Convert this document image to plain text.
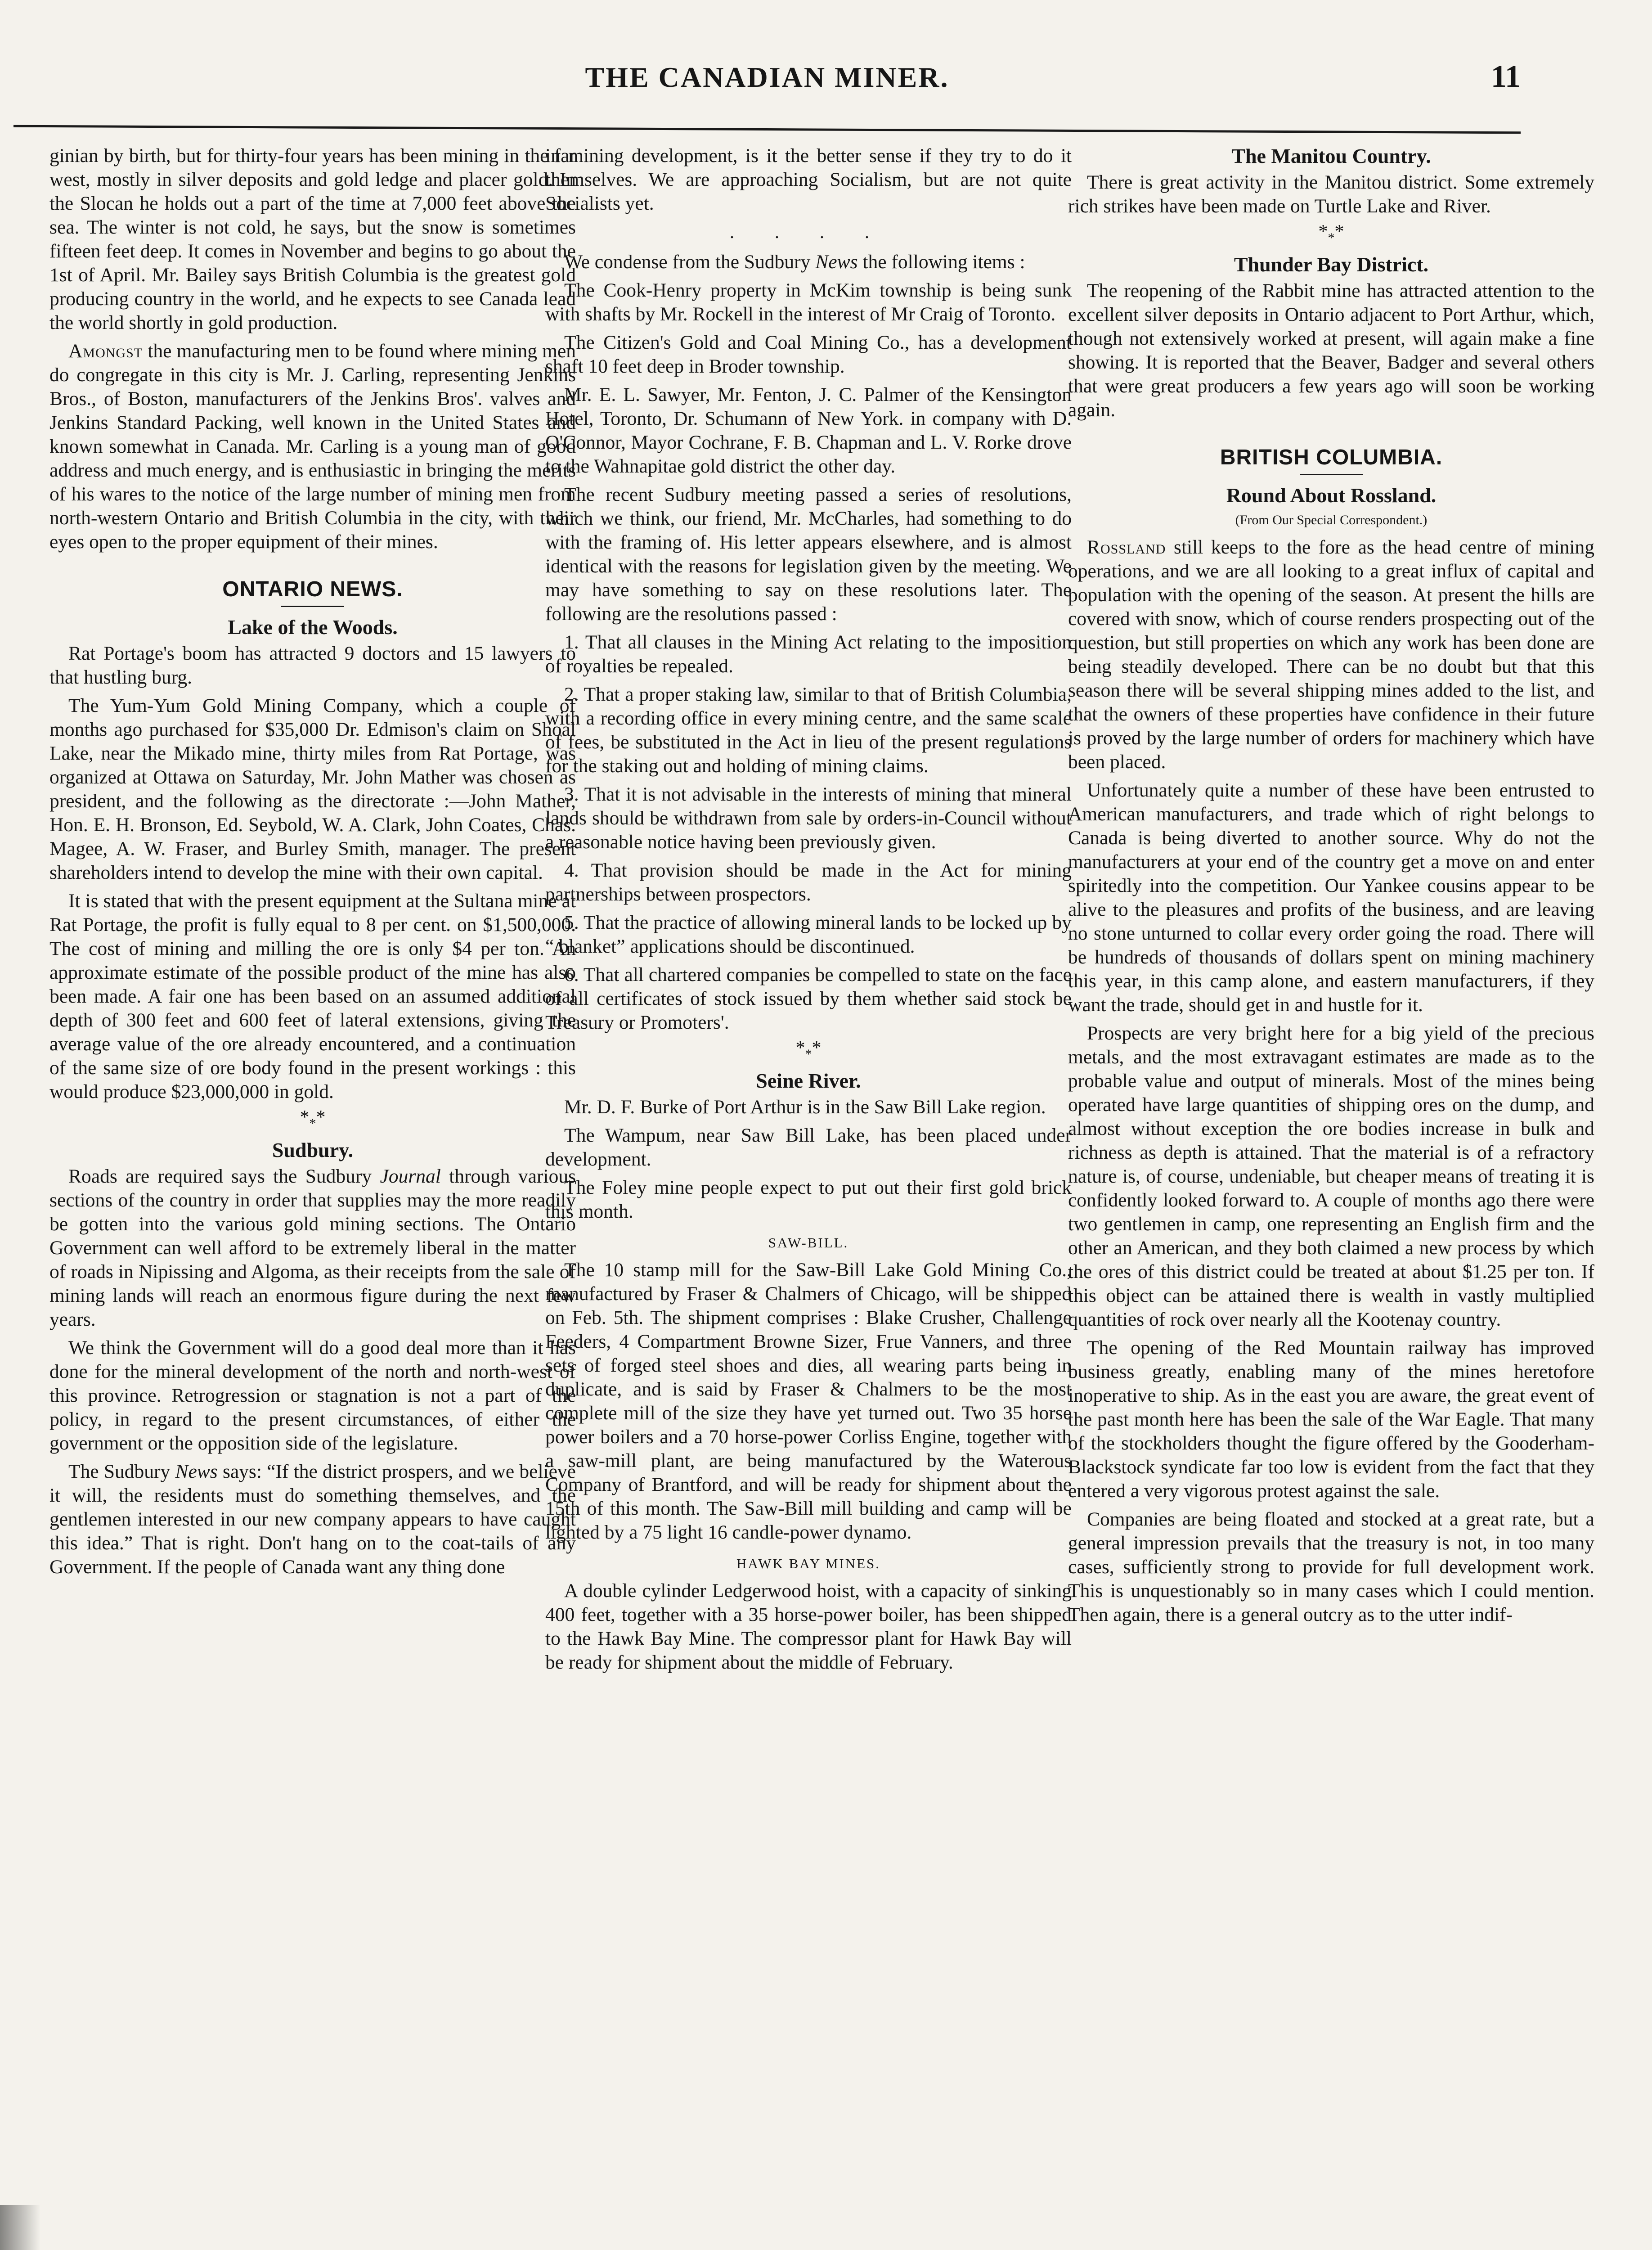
THE CANADIAN MINER.	11

ginian by birth, but for thirty-four years has been mining in the far west, mostly in silver deposits and gold ledge and placer gold. In the Slocan he holds out a part of the time at 7,000 feet above the sea. The winter is not cold, he says, but the snow is sometimes fifteen feet deep. It comes in November and begins to go about the 1st of April. Mr. Bailey says British Columbia is the greatest gold producing country in the world, and he expects to see Canada lead the world shortly in gold production.

Amongst the manufacturing men to be found where mining men do congregate in this city is Mr. J. Carling, representing Jenkins Bros., of Boston, manufacturers of the Jenkins Bros'. valves and Jenkins Standard Packing, well known in the United States and known somewhat in Canada. Mr. Carling is a young man of good address and much energy, and is enthusiastic in bringing the merits of his wares to the notice of the large number of mining men from north-western Ontario and British Columbia in the city, with their eyes open to the proper equipment of their mines.

ONTARIO NEWS.
Lake of the Woods.

Rat Portage's boom has attracted 9 doctors and 15 lawyers to that hustling burg.

The Yum-Yum Gold Mining Company, which a couple of months ago purchased for $35,000 Dr. Edmison's claim on Shoal Lake, near the Mikado mine, thirty miles from Rat Portage, was organized at Ottawa on Saturday, Mr. John Mather was chosen as president, and the following as the directorate :—John Mather, Hon. E. H. Bronson, Ed. Seybold, W. A. Clark, John Coates, Chas. Magee, A. W. Fraser, and Burley Smith, manager. The present shareholders intend to develop the mine with their own capital.

It is stated that with the present equipment at the Sultana mine at Rat Portage, the profit is fully equal to 8 per cent. on $1,500,000. The cost of mining and milling the ore is only $4 per ton. An approximate estimate of the possible product of the mine has also been made. A fair one has been based on an assumed additional depth of 300 feet and 600 feet of lateral extensions, giving the average value of the ore already encountered, and a continuation of the same size of ore body found in the present workings : this would produce $23,000,000 in gold.

$*_**$
Sudbury.

Roads are required says the Sudbury Journal through various sections of the country in order that supplies may the more readily be gotten into the various gold mining sections. The Ontario Government can well afford to be extremely liberal in the matter of roads in Nipissing and Algoma, as their receipts from the sale of mining lands will reach an enormous figure during the next few years.

We think the Government will do a good deal more than it has done for the mineral development of the north and north-west of this province. Retrogression or stagnation is not a part of the policy, in regard to the present circumstances, of either the government or the opposition side of the legislature.

The Sudbury News says: “If the district prospers, and we believe it will, the residents must do something themselves, and the gentlemen interested in our new company appears to have caught this idea.” That is right. Don't hang on to the coat-tails of any Government. If the people of Canada want any thing done

in mining development, is it the better sense if they try to do it themselves. We are approaching Socialism, but are not quite Socialists yet.

. . . .

We condense from the Sudbury News the following items :

The Cook-Henry property in McKim township is being sunk with shafts by Mr. Rockell in the interest of Mr Craig of Toronto.

The Citizen's Gold and Coal Mining Co., has a development shaft 10 feet deep in Broder township.

Mr. E. L. Sawyer, Mr. Fenton, J. C. Palmer of the Kensington Hotel, Toronto, Dr. Schumann of New York. in company with D. O'Connor, Mayor Cochrane, F. B. Chapman and L. V. Rorke drove to the Wahnapitae gold district the other day.

The recent Sudbury meeting passed a series of resolutions, which we think, our friend, Mr. McCharles, had something to do with the framing of. His letter appears elsewhere, and is almost identical with the reasons for legislation given by the meeting. We may have something to say on these resolutions later. The following are the resolutions passed :

1. That all clauses in the Mining Act relating to the imposition of royalties be repealed.

2. That a proper staking law, similar to that of British Columbia, with a recording office in every mining centre, and the same scale of fees, be substituted in the Act in lieu of the present regulations for the staking out and holding of mining claims.

3. That it is not advisable in the interests of mining that mineral lands should be withdrawn from sale by orders-in-Council without a reasonable notice having been previously given.

4. That provision should be made in the Act for mining partnerships between prospectors.

5. That the practice of allowing mineral lands to be locked up by “ blanket” applications should be discontinued.

6. That all chartered companies be compelled to state on the face of all certificates of stock issued by them whether said stock be Treasury or Promoters'.

$*_**$
Seine River.

Mr. D. F. Burke of Port Arthur is in the Saw Bill Lake region.

The Wampum, near Saw Bill Lake, has been placed under development.

The Foley mine people expect to put out their first gold brick this month.

SAW-BILL.

The 10 stamp mill for the Saw-Bill Lake Gold Mining Co., manufactured by Fraser & Chalmers of Chicago, will be shipped on Feb. 5th. The shipment comprises : Blake Crusher, Challenge Feeders, 4 Compartment Browne Sizer, Frue Vanners, and three sets of forged steel shoes and dies, all wearing parts being in duplicate, and is said by Fraser & Chalmers to be the most complete mill of the size they have yet turned out. Two 35 horse power boilers and a 70 horse-power Corliss Engine, together with a saw-mill plant, are being manufactured by the Waterous Company of Brantford, and will be ready for shipment about the 15th of this month. The Saw-Bill mill building and camp will be lighted by a 75 light 16 candle-power dynamo.

HAWK BAY MINES.

A double cylinder Ledgerwood hoist, with a capacity of sinking 400 feet, together with a 35 horse-power boiler, has been shipped to the Hawk Bay Mine. The compressor plant for Hawk Bay will be ready for shipment about the middle of February.

The Manitou Country.

There is great activity in the Manitou district. Some extremely rich strikes have been made on Turtle Lake and River.

$*_**$
Thunder Bay District.

The reopening of the Rabbit mine has attracted attention to the excellent silver deposits in Ontario adjacent to Port Arthur, which, though not extensively worked at present, will again make a fine showing. It is reported that the Beaver, Badger and several others that were great producers a few years ago will soon be working again.

BRITISH COLUMBIA.
Round About Rossland.
(From Our Special Correspondent.)

Rossland still keeps to the fore as the head centre of mining operations, and we are all looking to a great influx of capital and population with the opening of the season. At present the hills are covered with snow, which of course renders prospecting out of the question, but still properties on which any work has been done are being steadily developed. There can be no doubt but that this season there will be several shipping mines added to the list, and that the owners of these properties have confidence in their future is proved by the large number of orders for machinery which have been placed.

Unfortunately quite a number of these have been entrusted to American manufacturers, and trade which of right belongs to Canada is being diverted to another source. Why do not the manufacturers at your end of the country get a move on and enter spiritedly into the competition. Our Yankee cousins appear to be alive to the pleasures and profits of the business, and are leaving no stone unturned to collar every order going the road. There will be hundreds of thousands of dollars spent on mining machinery this year, in this camp alone, and eastern manufacturers, if they want the trade, should get in and hustle for it.

Prospects are very bright here for a big yield of the precious metals, and the most extravagant estimates are made as to the probable value and output of minerals. Most of the mines being operated have large quantities of shipping ores on the dump, and almost without exception the ore bodies increase in bulk and richness as depth is attained. That the material is of a refractory nature is, of course, undeniable, but cheaper means of treating it is confidently looked forward to. A couple of months ago there were two gentlemen in camp, one representing an English firm and the other an American, and they both claimed a new process by which the ores of this district could be treated at about $1.25 per ton. If this object can be attained there is wealth in vastly multiplied quantities of rock over nearly all the Kootenay country.

The opening of the Red Mountain railway has improved business greatly, enabling many of the mines heretofore inoperative to ship. As in the east you are aware, the great event of the past month here has been the sale of the War Eagle. That many of the stockholders thought the figure offered by the Gooderham-Blackstock syndicate far too low is evident from the fact that they entered a very vigorous protest against the sale.

Companies are being floated and stocked at a great rate, but a general impression prevails that the treasury is not, in too many cases, sufficiently strong to provide for full development work. This is unquestionably so in many cases which I could mention. Then again, there is a general outcry as to the utter indif-
